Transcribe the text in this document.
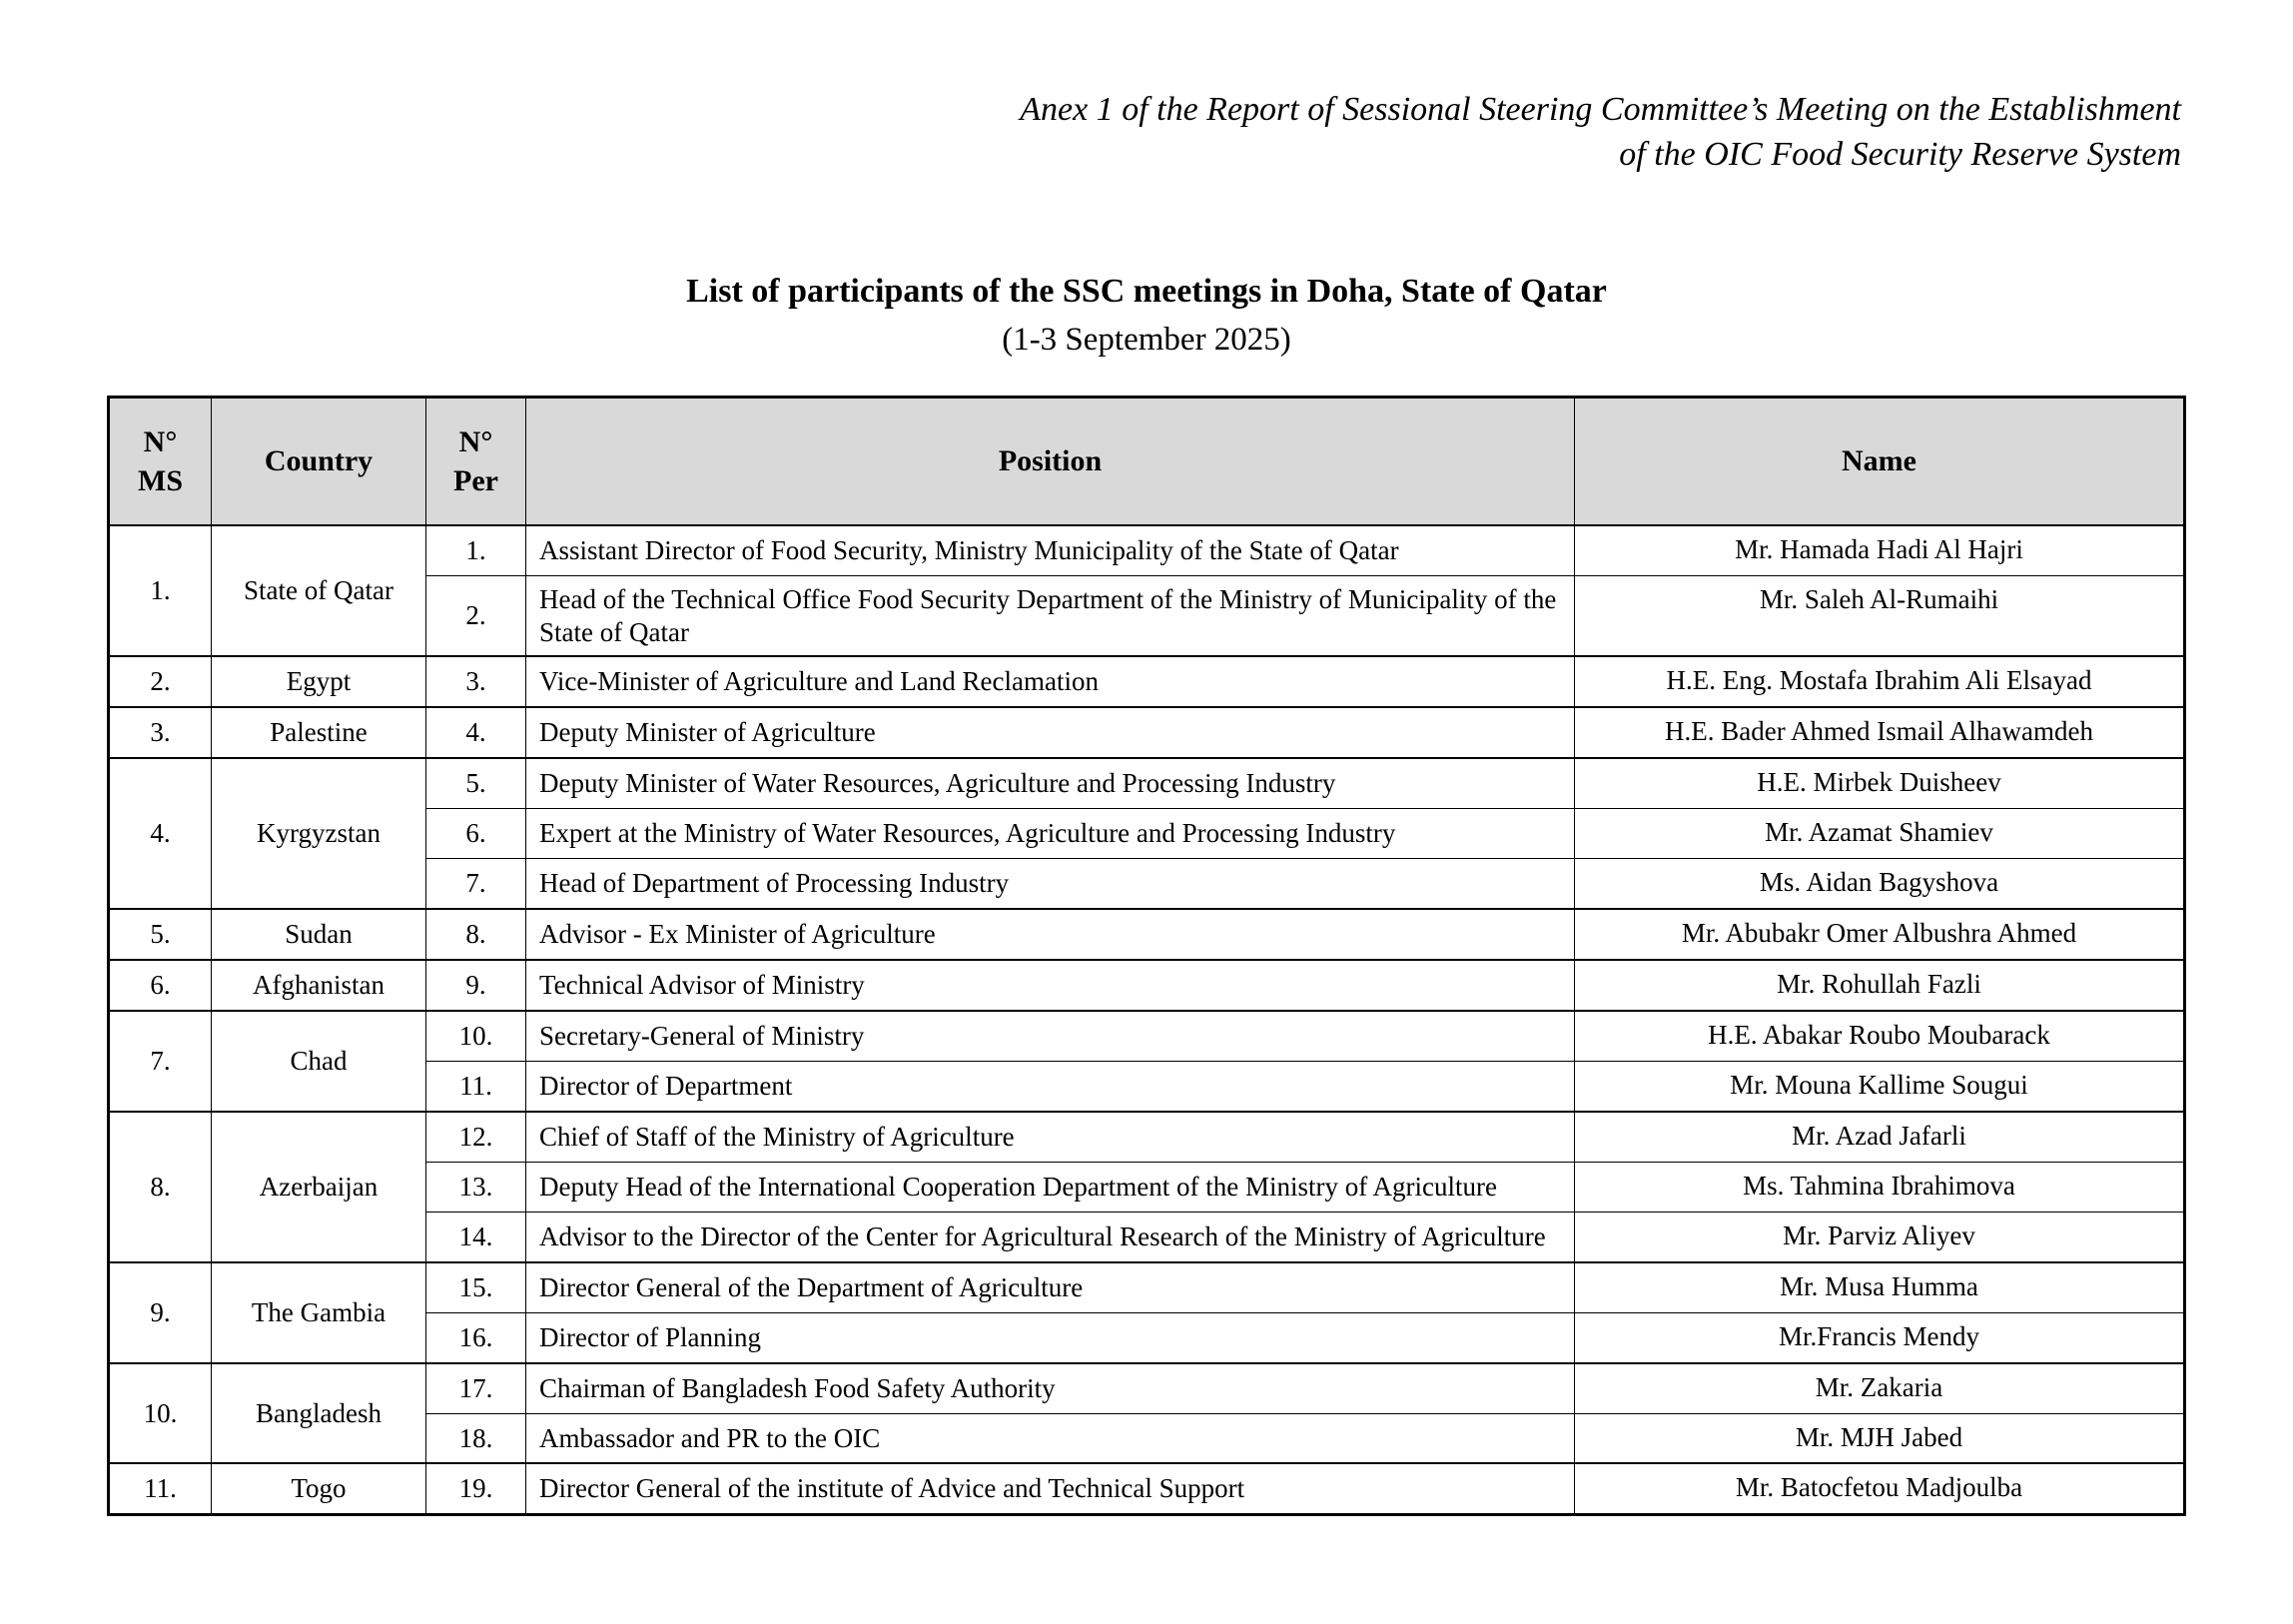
Anex 1 of the Report of Sessional Steering Committee’s Meeting on the Establishment
of the OIC Food Security Reserve System
List of participants of the SSC meetings in Doha, State of Qatar
(1-3 September 2025)
N° MS	Country	N° Per	Position	Name
1.	State of Qatar	1.	Assistant Director of Food Security, Ministry Municipality of the State of Qatar	Mr. Hamada Hadi Al Hajri
		2.	Head of the Technical Office Food Security Department of the Ministry of Municipality of the State of Qatar	Mr. Saleh Al-Rumaihi
2.	Egypt	3.	Vice-Minister of Agriculture and Land Reclamation	H.E. Eng. Mostafa Ibrahim Ali Elsayad
3.	Palestine	4.	Deputy Minister of Agriculture	H.E. Bader Ahmed Ismail Alhawamdeh
4.	Kyrgyzstan	5.	Deputy Minister of Water Resources, Agriculture and Processing Industry	H.E. Mirbek Duisheev
		6.	Expert at the Ministry of Water Resources, Agriculture and Processing Industry	Mr. Azamat Shamiev
		7.	Head of Department of Processing Industry	Ms. Aidan Bagyshova
5.	Sudan	8.	Advisor - Ex Minister of Agriculture	Mr. Abubakr Omer Albushra Ahmed
6.	Afghanistan	9.	Technical Advisor of Ministry	Mr. Rohullah Fazli
7.	Chad	10.	Secretary-General of Ministry	H.E. Abakar Roubo Moubarack
		11.	Director of Department	Mr. Mouna Kallime Sougui
8.	Azerbaijan	12.	Chief of Staff of the Ministry of Agriculture	Mr. Azad Jafarli
		13.	Deputy Head of the International Cooperation Department of the Ministry of Agriculture	Ms. Tahmina Ibrahimova
		14.	Advisor to the Director of the Center for Agricultural Research of the Ministry of Agriculture	Mr. Parviz Aliyev
9.	The Gambia	15.	Director General of the Department of Agriculture	Mr. Musa Humma
		16.	Director of Planning	Mr.Francis Mendy
10.	Bangladesh	17.	Chairman of Bangladesh Food Safety Authority	Mr. Zakaria
		18.	Ambassador and PR to the OIC	Mr. MJH Jabed
11.	Togo	19.	Director General of the institute of Advice and Technical Support	Mr. Batocfetou Madjoulba
